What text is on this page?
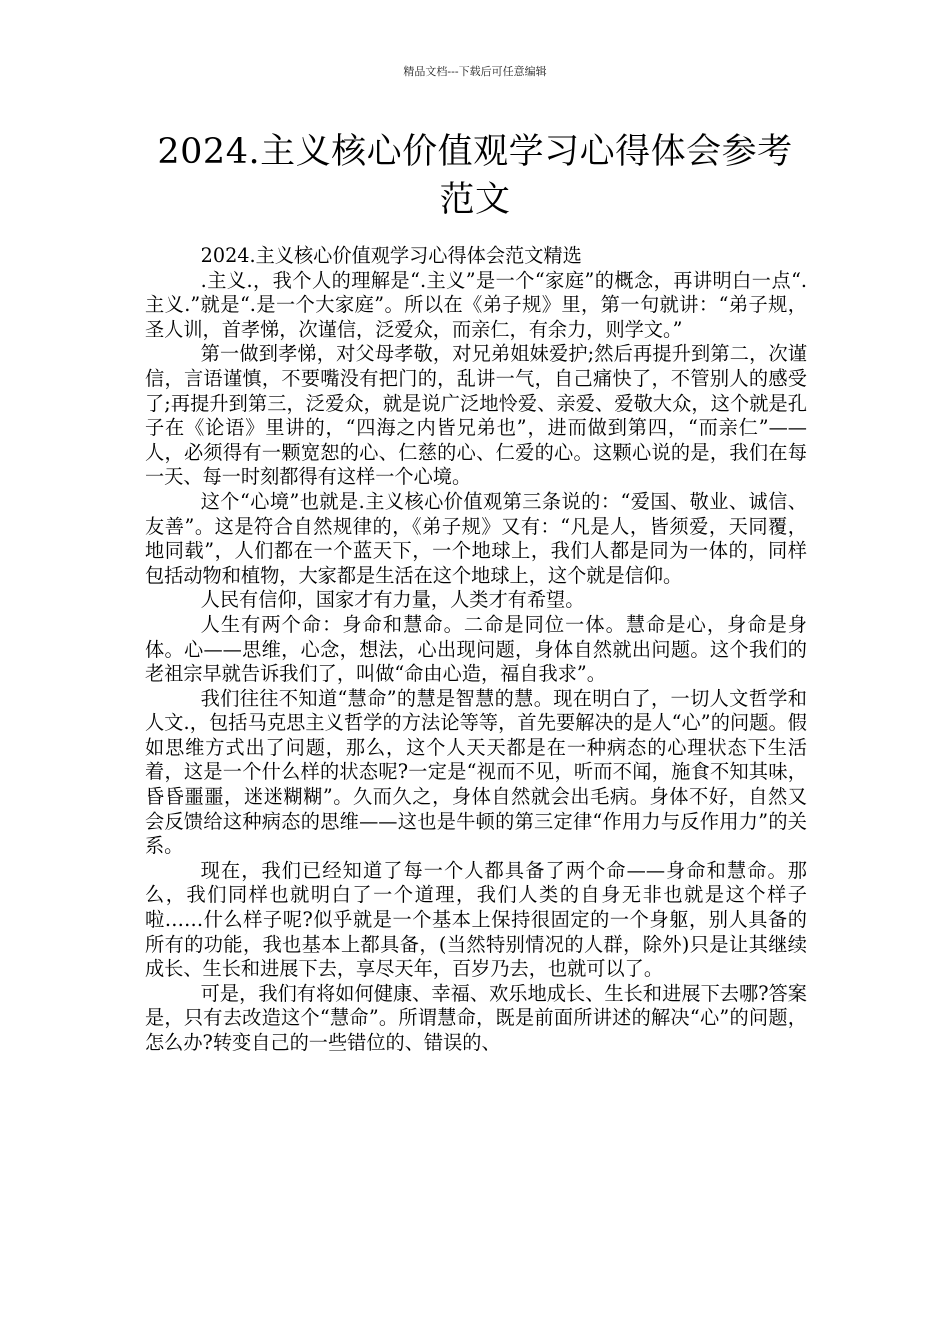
精品文档---下载后可任意编辑
2024.主义核心价值观学习心得体会参考范文

2024.主义核心价值观学习心得体会范文精选

.主义.，我个人的理解是“.主义”是一个“家庭”的概念，再讲明白一点“.主义.”就是“.是一个大家庭”。所以在《弟子规》里，第一句就讲：“弟子规，圣人训，首孝悌，次谨信，泛爱众，而亲仁，有余力，则学文。”

第一做到孝悌，对父母孝敬，对兄弟姐妹爱护;然后再提升到第二，次谨信，言语谨慎，不要嘴没有把门的，乱讲一气，自己痛快了，不管别人的感受了;再提升到第三，泛爱众，就是说广泛地怜爱、亲爱、爱敬大众，这个就是孔子在《论语》里讲的，“四海之内皆兄弟也”，进而做到第四，“而亲仁”——人，必须得有一颗宽恕的心、仁慈的心、仁爱的心。这颗心说的是，我们在每一天、每一时刻都得有这样一个心境。

这个“心境”也就是.主义核心价值观第三条说的：“爱国、敬业、诚信、友善”。这是符合自然规律的，《弟子规》又有：“凡是人，皆须爱，天同覆，地同载”，人们都在一个蓝天下，一个地球上，我们人都是同为一体的，同样包括动物和植物，大家都是生活在这个地球上，这个就是信仰。

人民有信仰，国家才有力量，人类才有希望。

人生有两个命：身命和慧命。二命是同位一体。慧命是心，身命是身体。心——思维，心念，想法，心出现问题，身体自然就出问题。这个我们的老祖宗早就告诉我们了，叫做“命由心造，福自我求”。

我们往往不知道“慧命”的慧是智慧的慧。现在明白了，一切人文哲学和人文.，包括马克思主义哲学的方法论等等，首先要解决的是人“心”的问题。假如思维方式出了问题，那么，这个人天天都是在一种病态的心理状态下生活着，这是一个什么样的状态呢?一定是“视而不见，听而不闻，施食不知其味，昏昏噩噩，迷迷糊糊”。久而久之，身体自然就会出毛病。身体不好，自然又会反馈给这种病态的思维——这也是牛顿的第三定律“作用力与反作用力”的关系。

现在，我们已经知道了每一个人都具备了两个命——身命和慧命。那么，我们同样也就明白了一个道理，我们人类的自身无非也就是这个样子啦……什么样子呢?似乎就是一个基本上保持很固定的一个身躯，别人具备的所有的功能，我也基本上都具备，(当然特别情况的人群，除外)只是让其继续成长、生长和进展下去，享尽天年，百岁乃去，也就可以了。

可是，我们有将如何健康、幸福、欢乐地成长、生长和进展下去哪?答案是，只有去改造这个“慧命”。所谓慧命，既是前面所讲述的解决“心”的问题，怎么办?转变自己的一些错位的、错误的、
